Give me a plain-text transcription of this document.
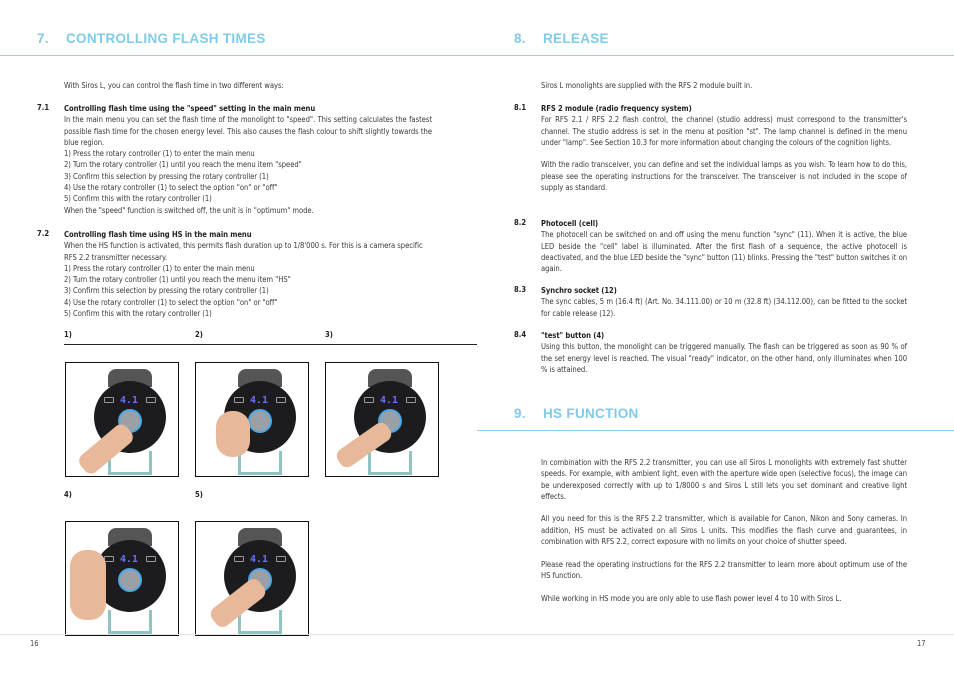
7. CONTROLLING FLASH TIMES
With Siros L, you can control the flash time in two different ways:
7.1 Controlling flash time using the "speed" setting in the main menu
In the main menu you can set the flash time of the monolight to "speed". This setting calculates the fastest possible flash time for the chosen energy level. This also causes the flash colour to shift slightly towards the blue region.
1) Press the rotary controller (1) to enter the main menu
2) Turn the rotary controller (1) until you reach the menu item "speed"
3) Confirm this selection by pressing the rotary controller (1)
4) Use the rotary controller (1) to select the option "on" or "off"
5) Confirm this with the rotary controller (1)
When the "speed" function is switched off, the unit is in "optimum" mode.
7.2 Controlling flash time using HS in the main menu
When the HS function is activated, this permits flash duration up to 1/8'000 s. For this is a camera specific RFS 2.2 transmitter necessary.
1) Press the rotary controller (1) to enter the main menu
2) Turn the rotary controller (1) until you reach the menu item "HS"
3) Confirm this selection by pressing the rotary controller (1)
4) Use the rotary controller (1) to select the option "on" or "off"
5) Confirm this with the rotary controller (1)
1)	2)	3)
4)	5)
4.1	4.1	4.1
4.1	4.1
8. RELEASE
Siros L monolights are supplied with the RFS 2 module built in.
8.1 RFS 2 module (radio frequency system)
For RFS 2.1 / RFS 2.2 flash control, the channel (studio address) must correspond to the transmitter's channel. The studio address is set in the menu at position "st". The lamp channel is defined in the menu under "lamp". See Section 10.3 for more information about changing the colours of the cognition lights.
With the radio transceiver, you can define and set the individual lamps as you wish. To learn how to do this, please see the operating instructions for the transceiver. The transceiver is not included in the scope of supply as standard.
8.2 Photocell (cell)
The photocell can be switched on and off using the menu function "sync" (11). When it is active, the blue LED beside the "cell" label is illuminated. After the first flash of a sequence, the active photocell is deactivated, and the blue LED beside the "sync" button (11) blinks. Pressing the "test" button switches it on again.
8.3 Synchro socket (12)
The sync cables, 5 m (16.4 ft) (Art. No. 34.111.00) or 10 m (32.8 ft) (34.112.00), can be fitted to the socket for cable release (12).
8.4 "test" button (4)
Using this button, the monolight can be triggered manually. The flash can be triggered as soon as 90 % of the set energy level is reached. The visual "ready" indicator, on the other hand, only illuminates when 100 % is attained.
9. HS FUNCTION
In combination with the RFS 2.2 transmitter, you can use all Siros L monolights with extremely fast shutter speeds. For example, with ambient light, even with the aperture wide open (selective focus), the image can be underexposed correctly with up to 1/8000 s and Siros L still lets you set dominant and creative light effects.
All you need for this is the RFS 2.2 transmitter, which is available for Canon, Nikon and Sony cameras. In addition, HS must be activated on all Siros L units. This modifies the flash curve and guarantees, in combination with RFS 2.2, correct exposure with no limits on your choice of shutter speed.
Please read the operating instructions for the RFS 2.2 transmitter to learn more about optimum use of the HS function.
While working in HS mode you are only able to use flash power level 4 to 10 with Siros L.
16	17
